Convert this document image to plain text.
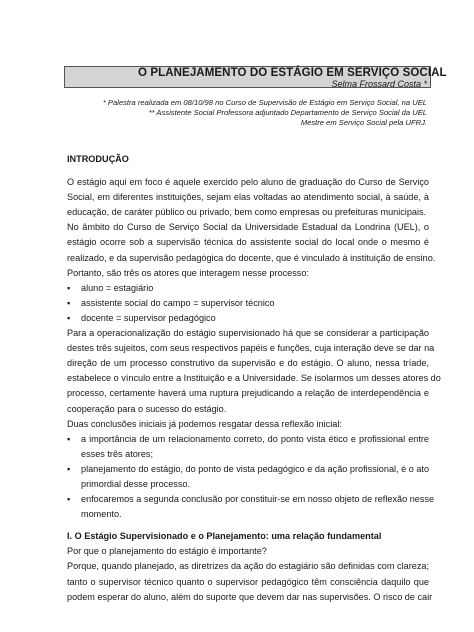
O PLANEJAMENTO DO ESTÁGIO EM SERVIÇO SOCIAL
Selma Frossard Costa *
* Palestra realizada em 08/10/98 no Curso de Supervisão de Estágio em Serviço Social, na UEL
** Assistente Social Professora adjuntado Departamento de Serviço Social da UEL
Mestre em Serviço Social pela UFRJ.
INTRODUÇÃO
O estágio aqui em foco é aquele exercido pelo aluno de graduação do Curso de Serviço
Social, em diferentes instituições, sejam elas voltadas ao atendimento social, à saúde, à
educação, de caráter público ou privado, bem como empresas ou prefeituras municipais.
No âmbito do Curso de Serviço Social da Universidade Estadual da Londrina (UEL), o
estágio ocorre sob a supervisão técnica do assistente social do local onde o mesmo é
realizado, e da supervisão pedagógica do docente, que é vinculado à instituição de ensino.
Portanto, são três os atores que interagem nesse processo:
▪ aluno = estagiário
▪ assistente social do campo = supervisor técnico
▪ docente = supervisor pedagógico
Para a operacionalização do estágio supervisionado há que se considerar a participação
destes três sujeitos, com seus respectivos papéis e funções, cuja interação deve se dar na
direção de um processo construtivo da supervisão e do estágio. O aluno, nessa tríade,
estabelece o vínculo entre a Instituição e a Universidade. Se isolarmos um desses atores do
processo, certamente haverá uma ruptura prejudicando a relação de interdependência e
cooperação para o sucesso do estágio.
Duas conclusões iniciais já podemos resgatar dessa reflexão inicial:
▪ a importância de um relacionamento correto, do ponto vista ético e profissional entre
esses três atores;
▪ planejamento do estágio, do ponto de vista pedagógico e da ação profissional, é o ato
primordial desse processo.
▪ enfocaremos a segunda conclusão por constituir-se em nosso objeto de reflexão nesse
momento.
I. O Estágio Supervisionado e o Planejamento: uma relação fundamental
Por que o planejamento do estágio é importante?
Porque, quando planejado, as diretrizes da ação do estagiário são definidas com clareza;
tanto o supervisor técnico quanto o supervisor pedagógico têm consciência daquilo que
podem esperar do aluno, além do suporte que devem dar nas supervisões. O risco de cair
